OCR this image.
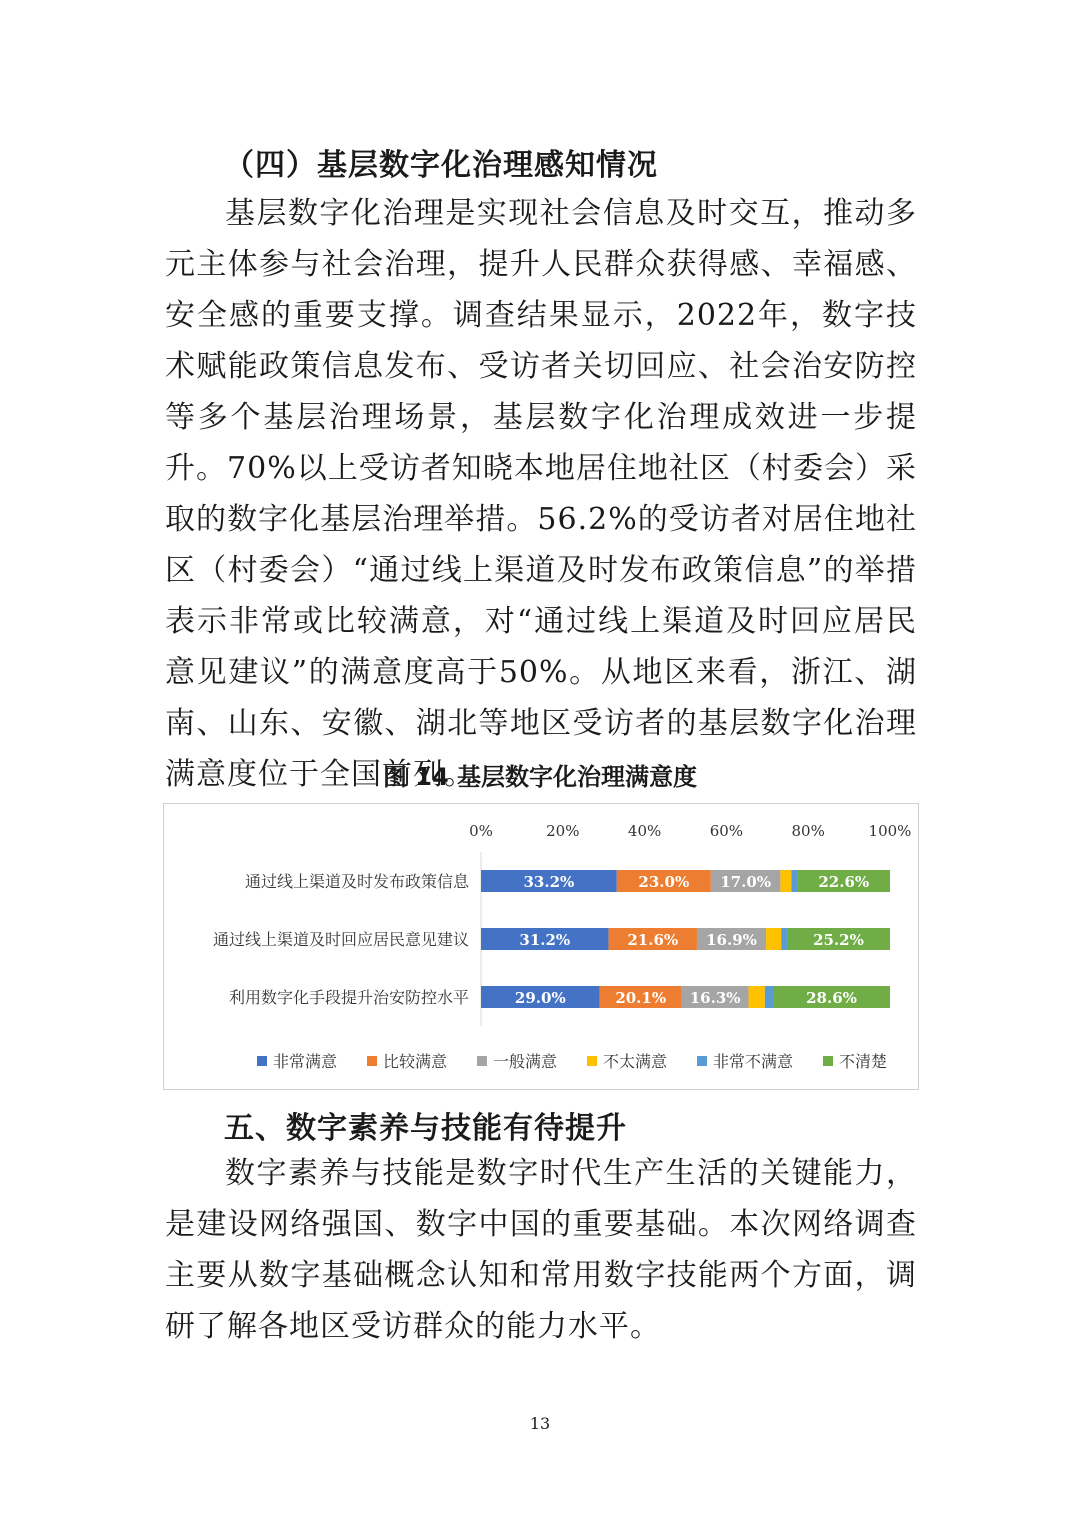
（四）基层数字化治理感知情况

基层数字化治理是实现社会信息及时交互，推动多元主体参与社会治理，提升人民群众获得感、幸福感、安全感的重要支撑。调查结果显示，2022年，数字技术赋能政策信息发布、受访者关切回应、社会治安防控等多个基层治理场景，基层数字化治理成效进一步提升。70%以上受访者知晓本地居住地社区（村委会）采取的数字化基层治理举措。56.2%的受访者对居住地社区（村委会）“通过线上渠道及时发布政策信息”的举措表示非常或比较满意，对“通过线上渠道及时回应居民意见建议”的满意度高于50%。从地区来看，浙江、湖南、山东、安徽、湖北等地区受访者的基层数字化治理满意度位于全国前列。

图 14 基层数字化治理满意度
0%	20%	40%	60%	80%	100%
通过线上渠道及时发布政策信息
通过线上渠道及时回应居民意见建议
利用数字化手段提升治安防控水平
33.2%	23.0% 17.0%	22.6%
31.2%	21.6% 16.9%	25.2%
29.0%	20.1% 16.3%	28.6%
非常满意	比较满意	一般满意	不太满意	非常不满意	不清楚
五、数字素养与技能有待提升

数字素养与技能是数字时代生产生活的关键能力，是建设网络强国、数字中国的重要基础。本次网络调查主要从数字基础概念认知和常用数字技能两个方面，调研了解各地区受访群众的能力水平。

13
